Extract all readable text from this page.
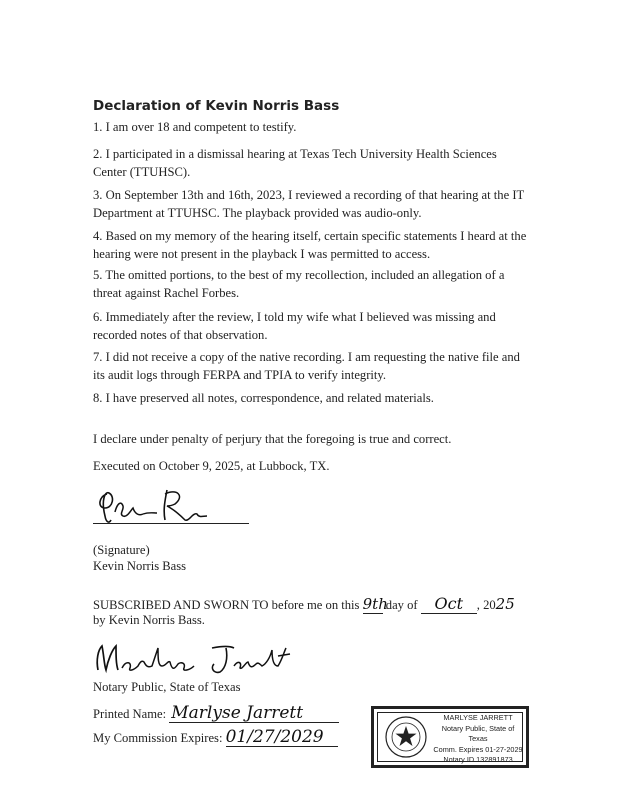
Declaration of Kevin Norris Bass
1. I am over 18 and competent to testify.
2. I participated in a dismissal hearing at Texas Tech University Health Sciences Center (TTUHSC).
3. On September 13th and 16th, 2023, I reviewed a recording of that hearing at the IT Department at TTUHSC. The playback provided was audio-only.
4. Based on my memory of the hearing itself, certain specific statements I heard at the hearing were not present in the playback I was permitted to access.
5. The omitted portions, to the best of my recollection, included an allegation of a threat against Rachel Forbes.
6. Immediately after the review, I told my wife what I believed was missing and recorded notes of that observation.
7. I did not receive a copy of the native recording. I am requesting the native file and its audit logs through FERPA and TPIA to verify integrity.
8. I have preserved all notes, correspondence, and related materials.
I declare under penalty of perjury that the foregoing is true and correct.
Executed on October 9, 2025, at Lubbock, TX.
(Signature)
Kevin Norris Bass
SUBSCRIBED AND SWORN TO before me on this 9th day of Oct , 2025
by Kevin Norris Bass.
Notary Public, State of Texas
Printed Name: Marlyse Jarrett
My Commission Expires: 01/27/2029
MARLYSE JARRETT
Notary Public, State of Texas
Comm. Expires 01-27-2029
Notary ID 132891873
